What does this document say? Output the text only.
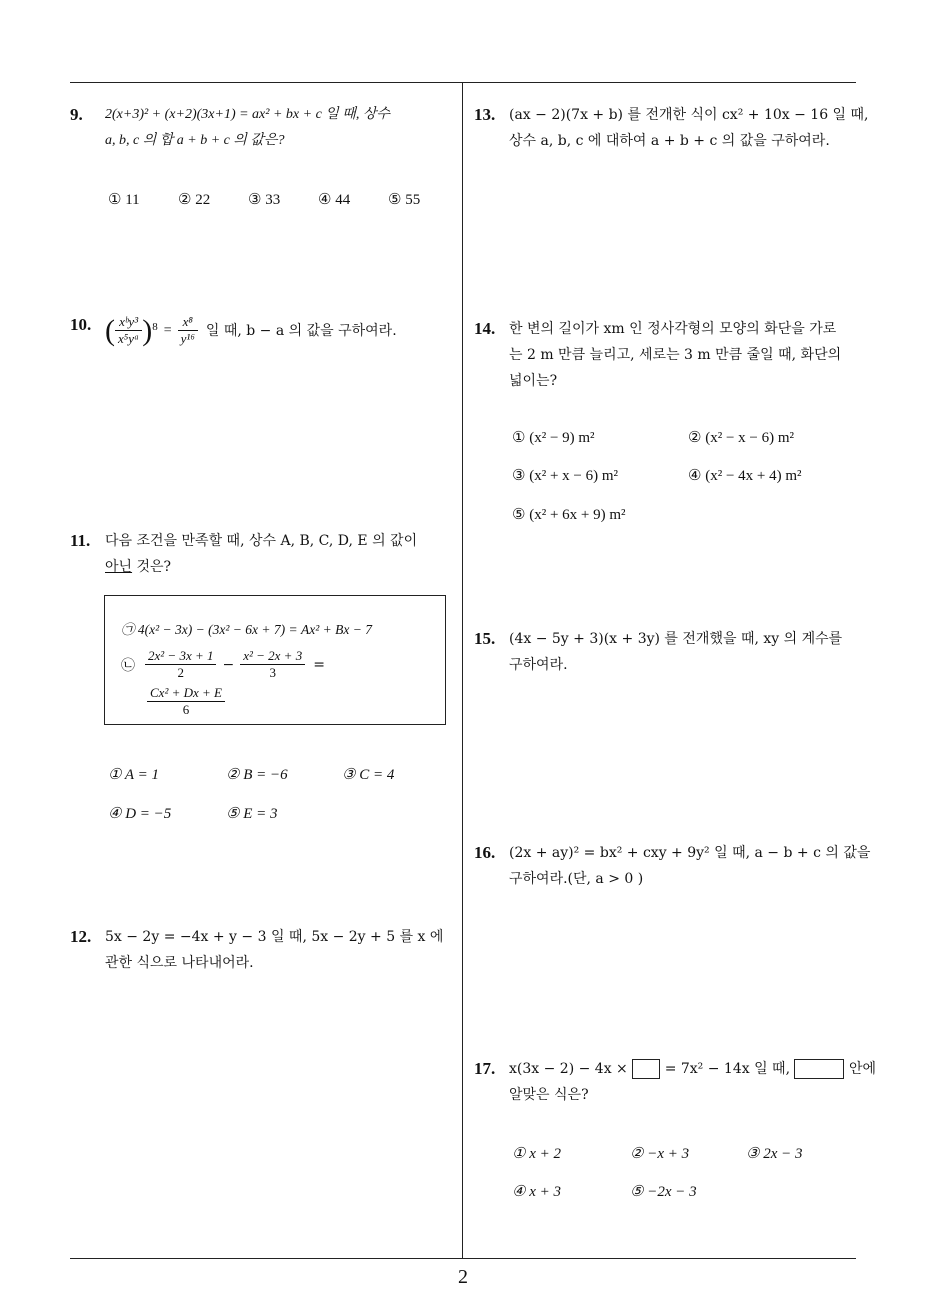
9. 2(x+3)² + (x+2)(3x+1) = ax² + bx + c 일 때, 상수
a, b, c 의 합 a + b + c 의 값은?
① 11	② 22	③ 33	④ 44	⑤ 55
10. ( $\frac{\text{xᵇy³}}{\text{x⁵yᵃ}}$ ) $8 = \frac{\text{x⁸}}{\text{y¹⁶}}$ 일 때, b − a 의 값을 구하여라.
11. 다음 조건을 만족할 때, 상수 A, B, C, D, E 의 값이
아닌 것은?
㉠ 4(x² − 3x) − (3x² − 6x + 7) = Ax² + Bx − 7
㉡ $\frac{\text{2x² − 3x + 1}}{2} - \frac{\text{x² − 2x + 3}}{3}$ =
$\frac{\text{Cx² + Dx + E}}{6}$
① A = 1	② B = −6	③ C = 4
④ D = −5	⑤ E = 3
12. 5x − 2y = −4x + y − 3 일 때, 5x − 2y + 5 를 x 에
관한 식으로 나타내어라.
13. (ax − 2)(7x + b) 를 전개한 식이 cx² + 10x − 16 일 때,
상수 a, b, c 에 대하여 a + b + c 의 값을 구하여라.
14. 한 변의 길이가 xm 인 정사각형의 모양의 화단을 가로
는 2 m 만큼 늘리고, 세로는 3 m 만큼 줄일 때, 화단의
넓이는?
① (x² − 9) m²	② (x² − x − 6) m²
③ (x² + x − 6) m²	④ (x² − 4x + 4) m²
⑤ (x² + 6x + 9) m²
15. (4x − 5y + 3)(x + 3y) 를 전개했을 때, xy 의 계수를
구하여라.
16. (2x + ay)² = bx² + cxy + 9y² 일 때, a − b + c 의 값을
구하여라.(단, a > 0 )
17. x(3x − 2) − 4x ×	= 7x² − 14x 일 때,	안에
알맞은 식은?
① x + 2	② −x + 3	③ 2x − 3
④ x + 3	⑤ −2x − 3
2
